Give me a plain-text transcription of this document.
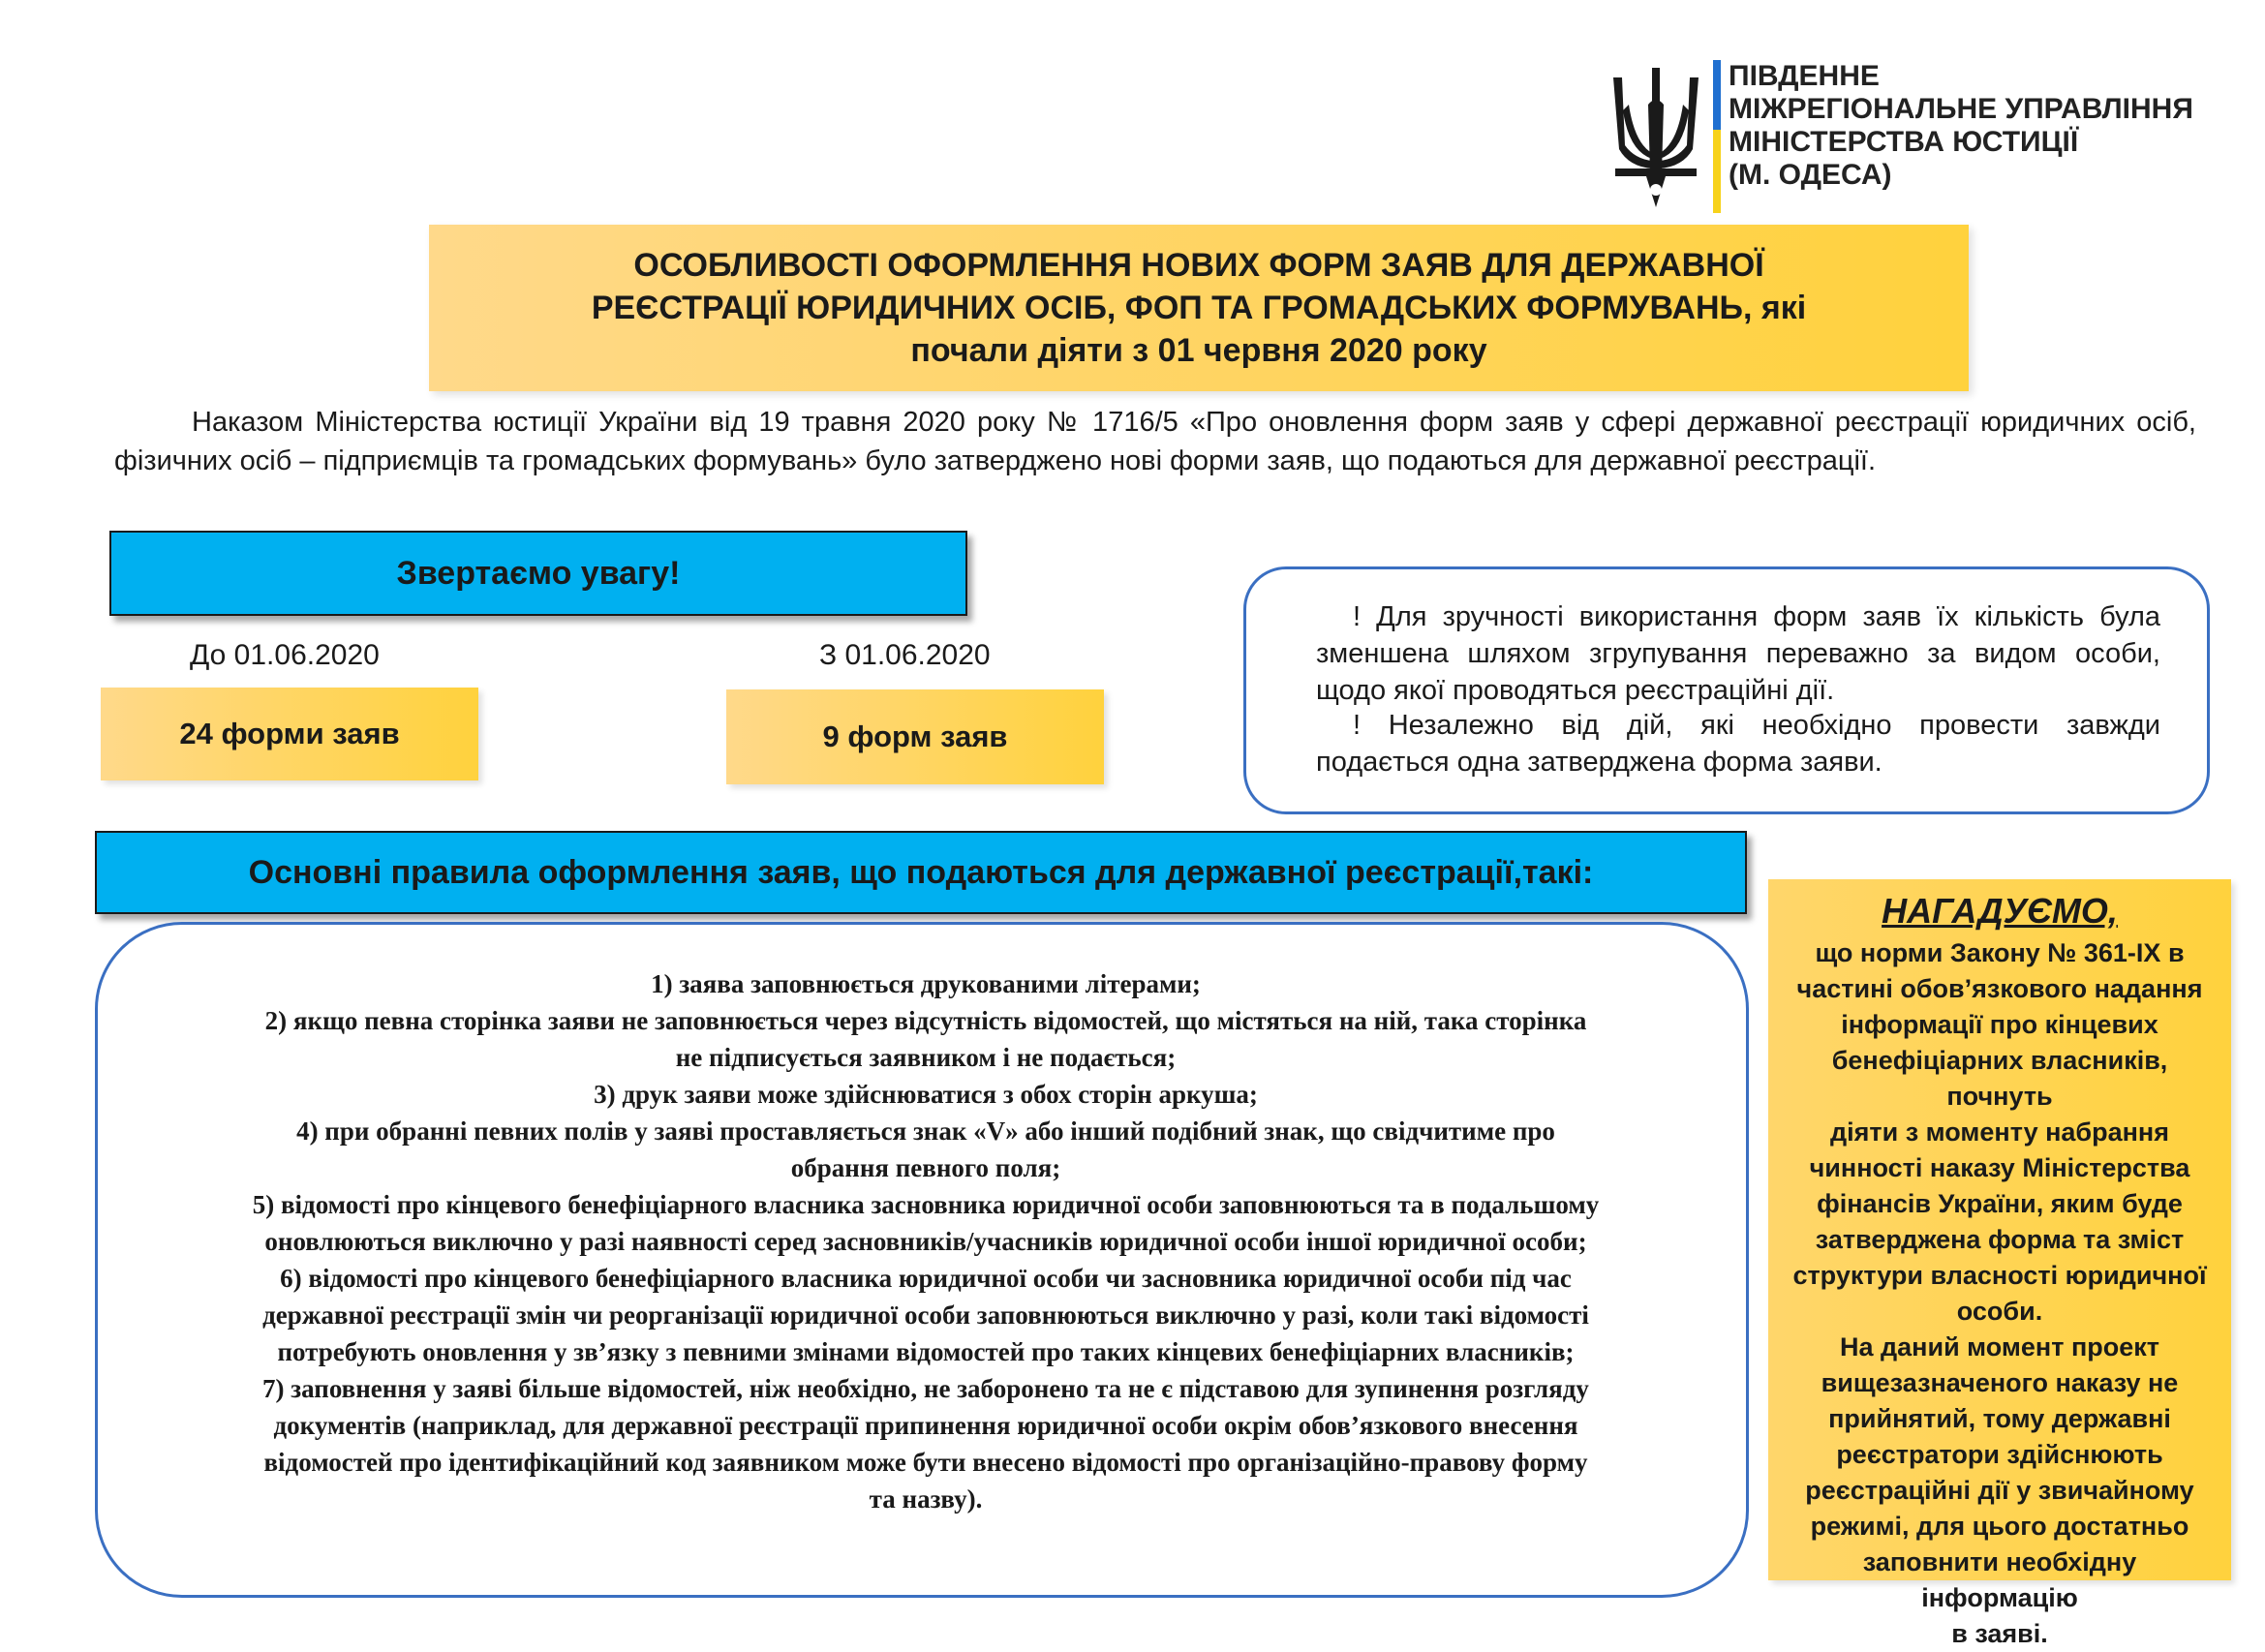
ПІВДЕННЕ
МІЖРЕГІОНАЛЬНЕ УПРАВЛІННЯ
МІНІСТЕРСТВА ЮСТИЦІЇ
(М. ОДЕСА)
ОСОБЛИВОСТІ ОФОРМЛЕННЯ НОВИХ ФОРМ ЗАЯВ ДЛЯ ДЕРЖАВНОЇ
РЕЄСТРАЦІЇ ЮРИДИЧНИХ ОСІБ, ФОП ТА ГРОМАДСЬКИХ ФОРМУВАНЬ, які
почали діяти з 01 червня 2020 року
Наказом Міністерства юстиції України від 19 травня 2020 року № 1716/5 «Про оновлення форм заяв у сфері державної реєстрації юридичних осіб, фізичних осіб – підприємців та громадських формувань» було затверджено нові форми заяв, що подаються для державної реєстрації.
Звертаємо увагу!
До 01.06.2020	З 01.06.2020
24 форми заяв	9 форм заяв

! Для зручності використання форм заяв їх кількість була зменшена шляхом згрупування переважно за видом особи, щодо якої проводяться реєстраційні дії.

! Незалежно від дій, які необхідно провести завжди подається одна затверджена форма заяви.

Основні правила оформлення заяв, що подаються для державної реєстрації,такі:
1) заява заповнюється друкованими літерами;
2) якщо певна сторінка заяви не заповнюється через відсутність відомостей, що містяться на ній, така сторінка
не підписується заявником і не подається;
3) друк заяви може здійснюватися з обох сторін аркуша;
4) при обранні певних полів у заяві проставляється знак «V» або інший подібний знак, що свідчитиме про
обрання певного поля;
5) відомості про кінцевого бенефіціарного власника засновника юридичної особи заповнюються та в подальшому
оновлюються виключно у разі наявності серед засновників/учасників юридичної особи іншої юридичної особи;
6) відомості про кінцевого бенефіціарного власника юридичної особи чи засновника юридичної особи під час
державної реєстрації змін чи реорганізації юридичної особи заповнюються виключно у разі, коли такі відомості
потребують оновлення у зв’язку з певними змінами відомостей про таких кінцевих бенефіціарних власників;
7) заповнення у заяві більше відомостей, ніж необхідно, не заборонено та не є підставою для зупинення розгляду
документів (наприклад, для державної реєстрації припинення юридичної особи окрім обов’язкового внесення
відомостей про ідентифікаційний код заявником може бути внесено відомості про організаційно-правову форму
та назву).
НАГАДУЄМО,
що норми Закону № 361-IX в
частині обов’язкового надання
інформації про кінцевих
бенефіціарних власників, почнуть
діяти з моменту набрання
чинності наказу Міністерства
фінансів України, яким буде
затверджена форма та зміст
структури власності юридичної
особи.
На даний момент проект
вищезазначеного наказу не
прийнятий, тому державні
реєстратори здійснюють
реєстраційні дії у звичайному
режимі, для цього достатньо
заповнити необхідну інформацію
в заяві.
